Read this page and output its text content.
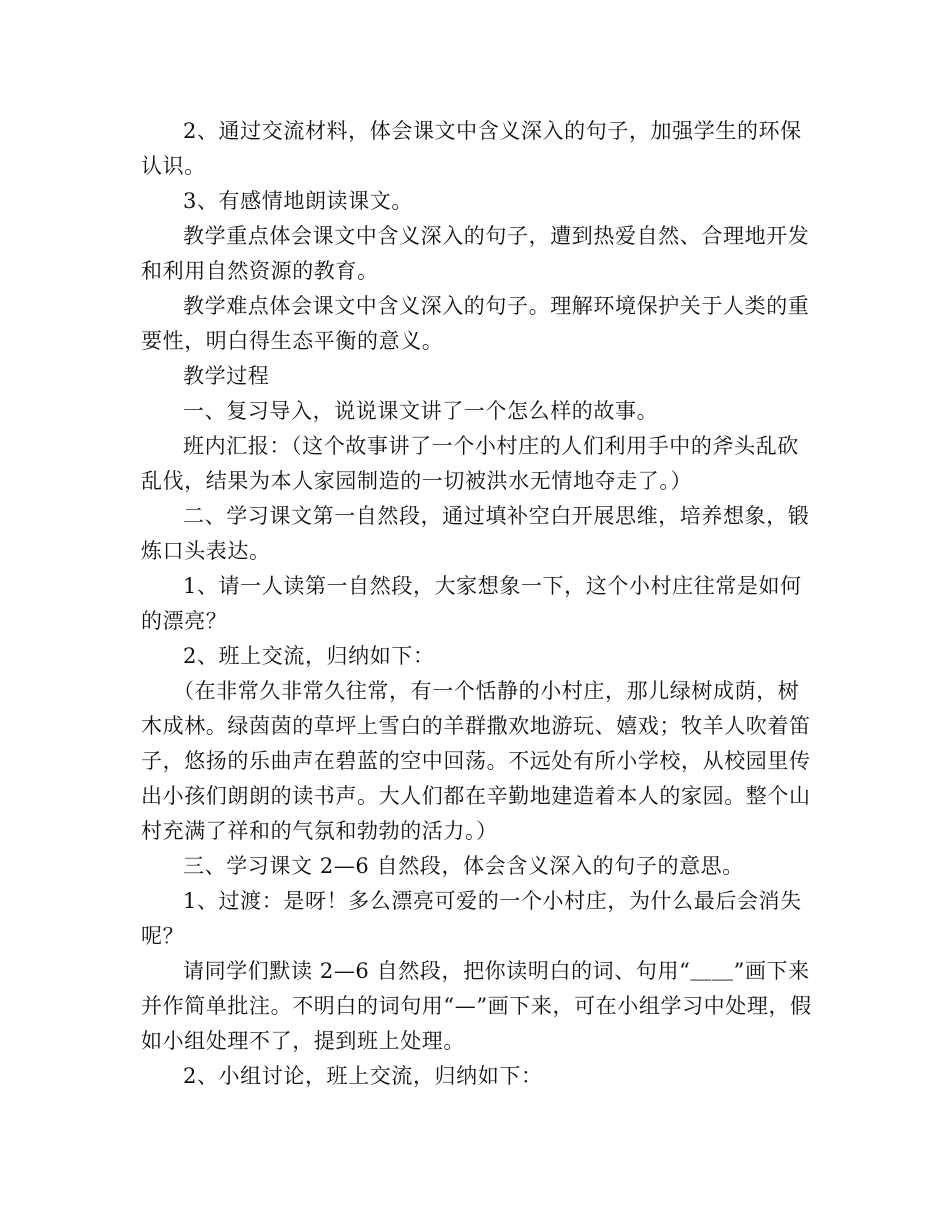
2、通过交流材料，体会课文中含义深入的句子，加强学生的环保认识。

3、有感情地朗读课文。

教学重点体会课文中含义深入的句子，遭到热爱自然、合理地开发和利用自然资源的教育。

教学难点体会课文中含义深入的句子。理解环境保护关于人类的重要性，明白得生态平衡的意义。

教学过程

一、复习导入，说说课文讲了一个怎么样的故事。

班内汇报：（这个故事讲了一个小村庄的人们利用手中的斧头乱砍乱伐，结果为本人家园制造的一切被洪水无情地夺走了。）

二、学习课文第一自然段，通过填补空白开展思维，培养想象，锻炼口头表达。

1、请一人读第一自然段，大家想象一下，这个小村庄往常是如何的漂亮？

2、班上交流，归纳如下：

（在非常久非常久往常，有一个恬静的小村庄，那儿绿树成荫，树木成林。绿茵茵的草坪上雪白的羊群撒欢地游玩、嬉戏；牧羊人吹着笛子，悠扬的乐曲声在碧蓝的空中回荡。不远处有所小学校，从校园里传出小孩们朗朗的读书声。大人们都在辛勤地建造着本人的家园。整个山村充满了祥和的气氛和勃勃的活力。）

三、学习课文 2—6 自然段，体会含义深入的句子的意思。

1、过渡：是呀！多么漂亮可爱的一个小村庄，为什么最后会消失呢？

请同学们默读 2—6 自然段，把你读明白的词、句用“＿＿”画下来并作简单批注。不明白的词句用“—”画下来，可在小组学习中处理，假如小组处理不了，提到班上处理。

2、小组讨论，班上交流，归纳如下：
